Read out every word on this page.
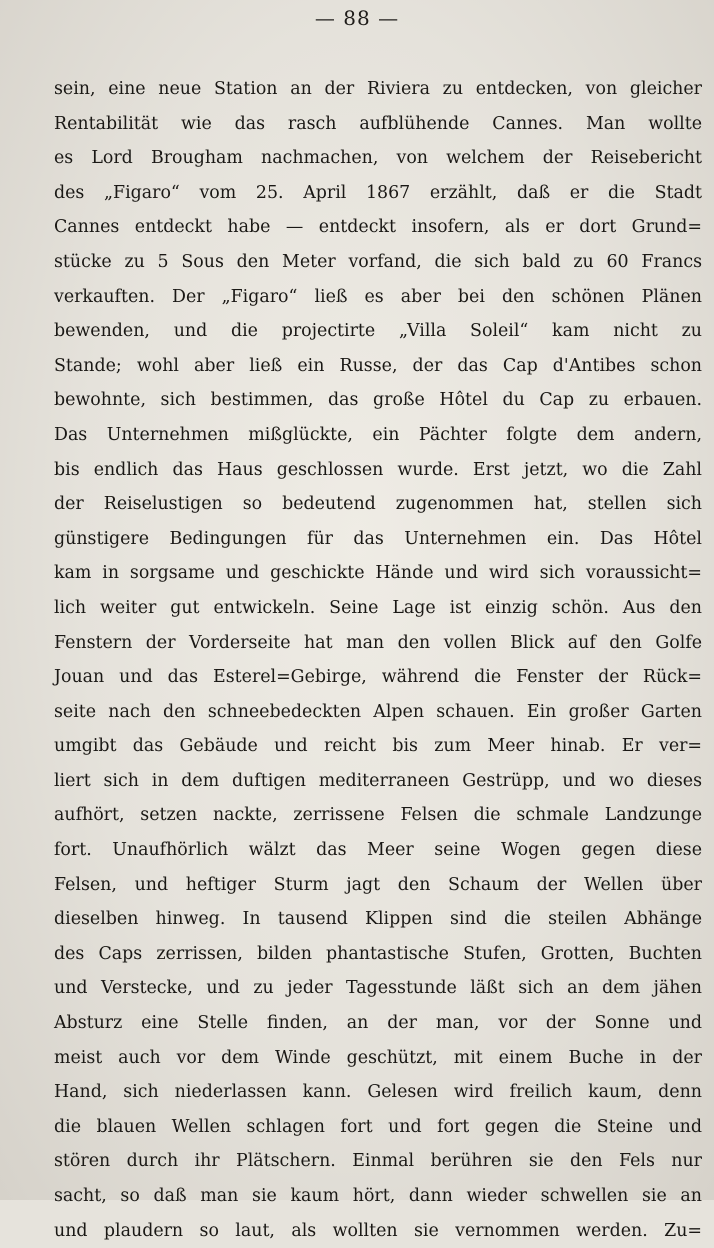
— 88 —
sein, eine neue Station an der Riviera zu entdecken, von gleicher
Rentabilität wie das rasch aufblühende Cannes. Man wollte
es Lord Brougham nachmachen, von welchem der Reisebericht
des „Figaro“ vom 25. April 1867 erzählt, daß er die Stadt
Cannes entdeckt habe — entdeckt insofern, als er dort Grund=
stücke zu 5 Sous den Meter vorfand, die sich bald zu 60 Francs
verkauften. Der „Figaro“ ließ es aber bei den schönen Plänen
bewenden, und die projectirte „Villa Soleil“ kam nicht zu
Stande; wohl aber ließ ein Russe, der das Cap d'Antibes schon
bewohnte, sich bestimmen, das große Hôtel du Cap zu erbauen.
Das Unternehmen mißglückte, ein Pächter folgte dem andern,
bis endlich das Haus geschlossen wurde. Erst jetzt, wo die Zahl
der Reiselustigen so bedeutend zugenommen hat, stellen sich
günstigere Bedingungen für das Unternehmen ein. Das Hôtel
kam in sorgsame und geschickte Hände und wird sich voraussicht=
lich weiter gut entwickeln. Seine Lage ist einzig schön. Aus den
Fenstern der Vorderseite hat man den vollen Blick auf den Golfe
Jouan und das Esterel=Gebirge, während die Fenster der Rück=
seite nach den schneebedeckten Alpen schauen. Ein großer Garten
umgibt das Gebäude und reicht bis zum Meer hinab. Er ver=
liert sich in dem duftigen mediterraneen Gestrüpp, und wo dieses
aufhört, setzen nackte, zerrissene Felsen die schmale Landzunge
fort. Unaufhörlich wälzt das Meer seine Wogen gegen diese
Felsen, und heftiger Sturm jagt den Schaum der Wellen über
dieselben hinweg. In tausend Klippen sind die steilen Abhänge
des Caps zerrissen, bilden phantastische Stufen, Grotten, Buchten
und Verstecke, und zu jeder Tagesstunde läßt sich an dem jähen
Absturz eine Stelle finden, an der man, vor der Sonne und
meist auch vor dem Winde geschützt, mit einem Buche in der
Hand, sich niederlassen kann. Gelesen wird freilich kaum, denn
die blauen Wellen schlagen fort und fort gegen die Steine und
stören durch ihr Plätschern. Einmal berühren sie den Fels nur
sacht, so daß man sie kaum hört, dann wieder schwellen sie an
und plaudern so laut, als wollten sie vernommen werden. Zu=
